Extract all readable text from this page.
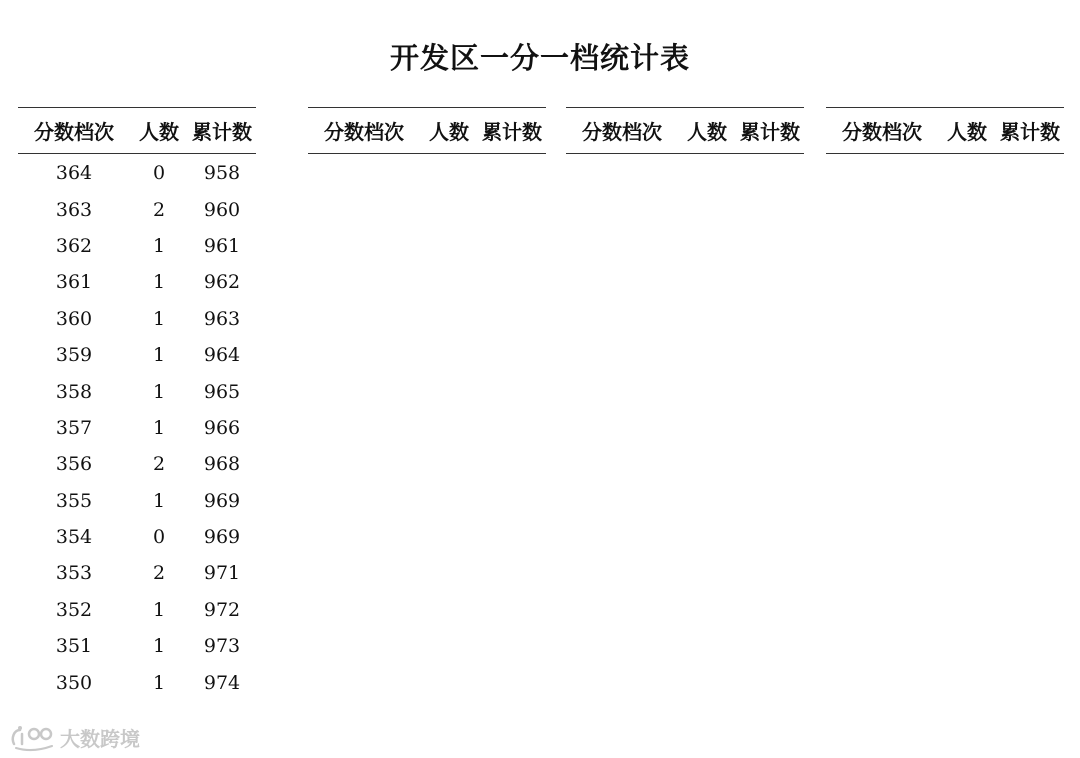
开发区一分一档统计表
分数档次	人数 累计数
364	0	958
363	2	960
362	1	961
361	1	962
360	1	963
359	1	964
358	1	965
357	1	966
356	2	968
355	1	969
354	0	969
353	2	971
352	1	972
351	1	973
350	1	974
分数档次	人数 累计数	分数档次	人数 累计数	分数档次	人数 累计数
大数跨境
